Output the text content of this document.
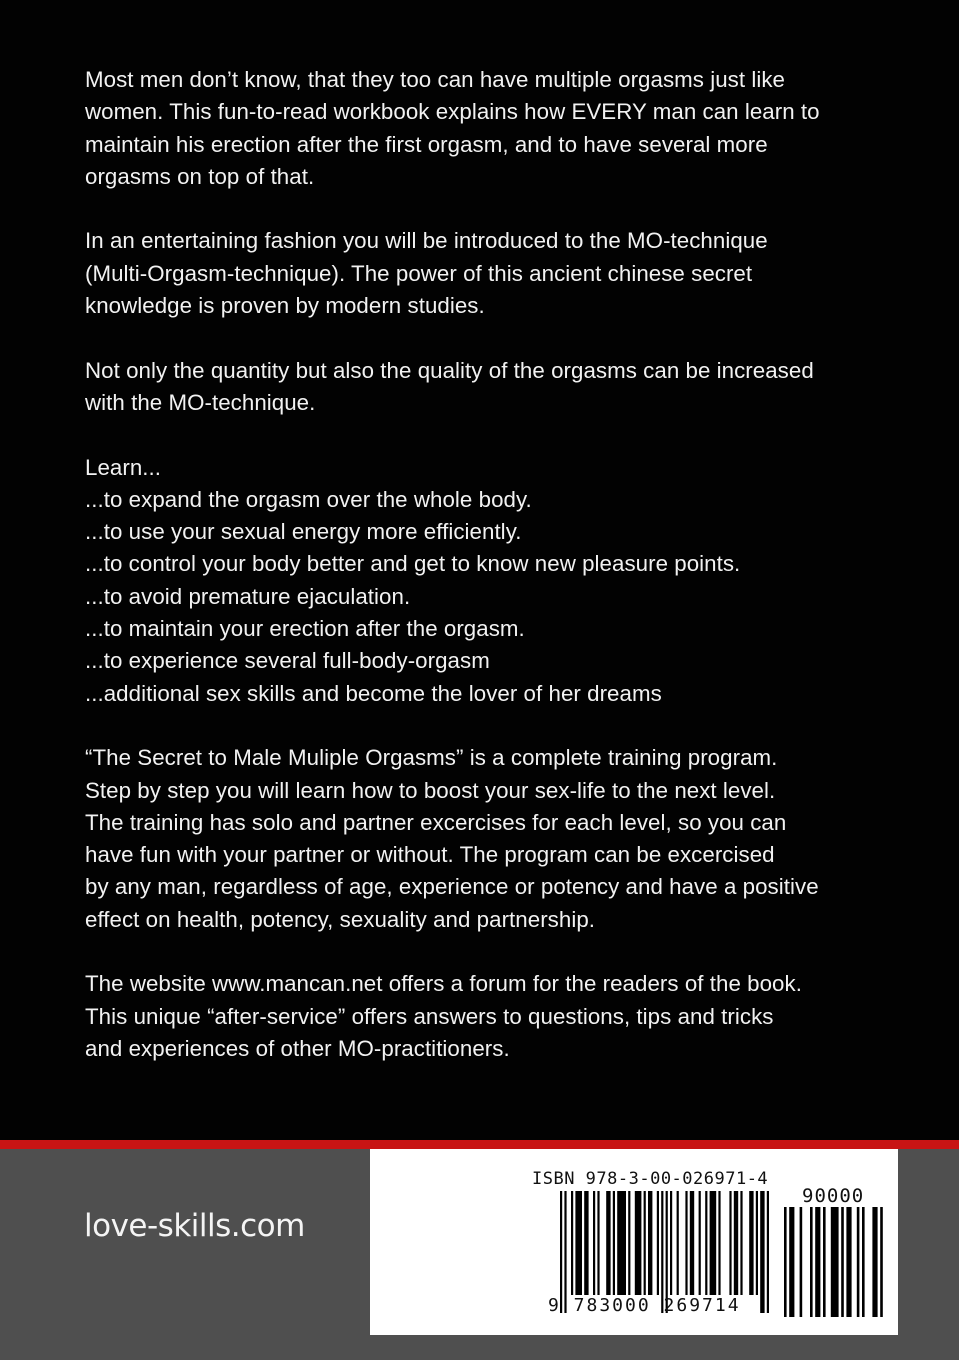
Most men don’t know, that they too can have multiple orgasms just like
women. This fun-to-read workbook explains how EVERY man can learn to
maintain his erection after the first orgasm, and to have several more
orgasms on top of that.

In an entertaining fashion you will be introduced to the MO-technique
(Multi-Orgasm-technique). The power of this ancient chinese secret
knowledge is proven by modern studies.

Not only the quantity but also the quality of the orgasms can be increased
with the MO-technique.

Learn...

...to expand the orgasm over the whole body.

...to use your sexual energy more efficiently.

...to control your body better and get to know new pleasure points.

...to avoid premature ejaculation.

...to maintain your erection after the orgasm.

...to experience several full-body-orgasm

...additional sex skills and become the lover of her dreams

“The Secret to Male Muliple Orgasms” is a complete training program.
Step by step you will learn how to boost your sex-life to the next level.
The training has solo and partner excercises for each level, so you can
have fun with your partner or without. The program can be excercised
by any man, regardless of age, experience or potency and have a positive
effect on health, potency, sexuality and partnership.

The website www.mancan.net offers a forum for the readers of the book.
This unique “after-service” offers answers to questions, tips and tricks
and experiences of other MO-practitioners.

love-skills.com
ISBN 978-3-00-026971-4
90000
9 783000 269714
